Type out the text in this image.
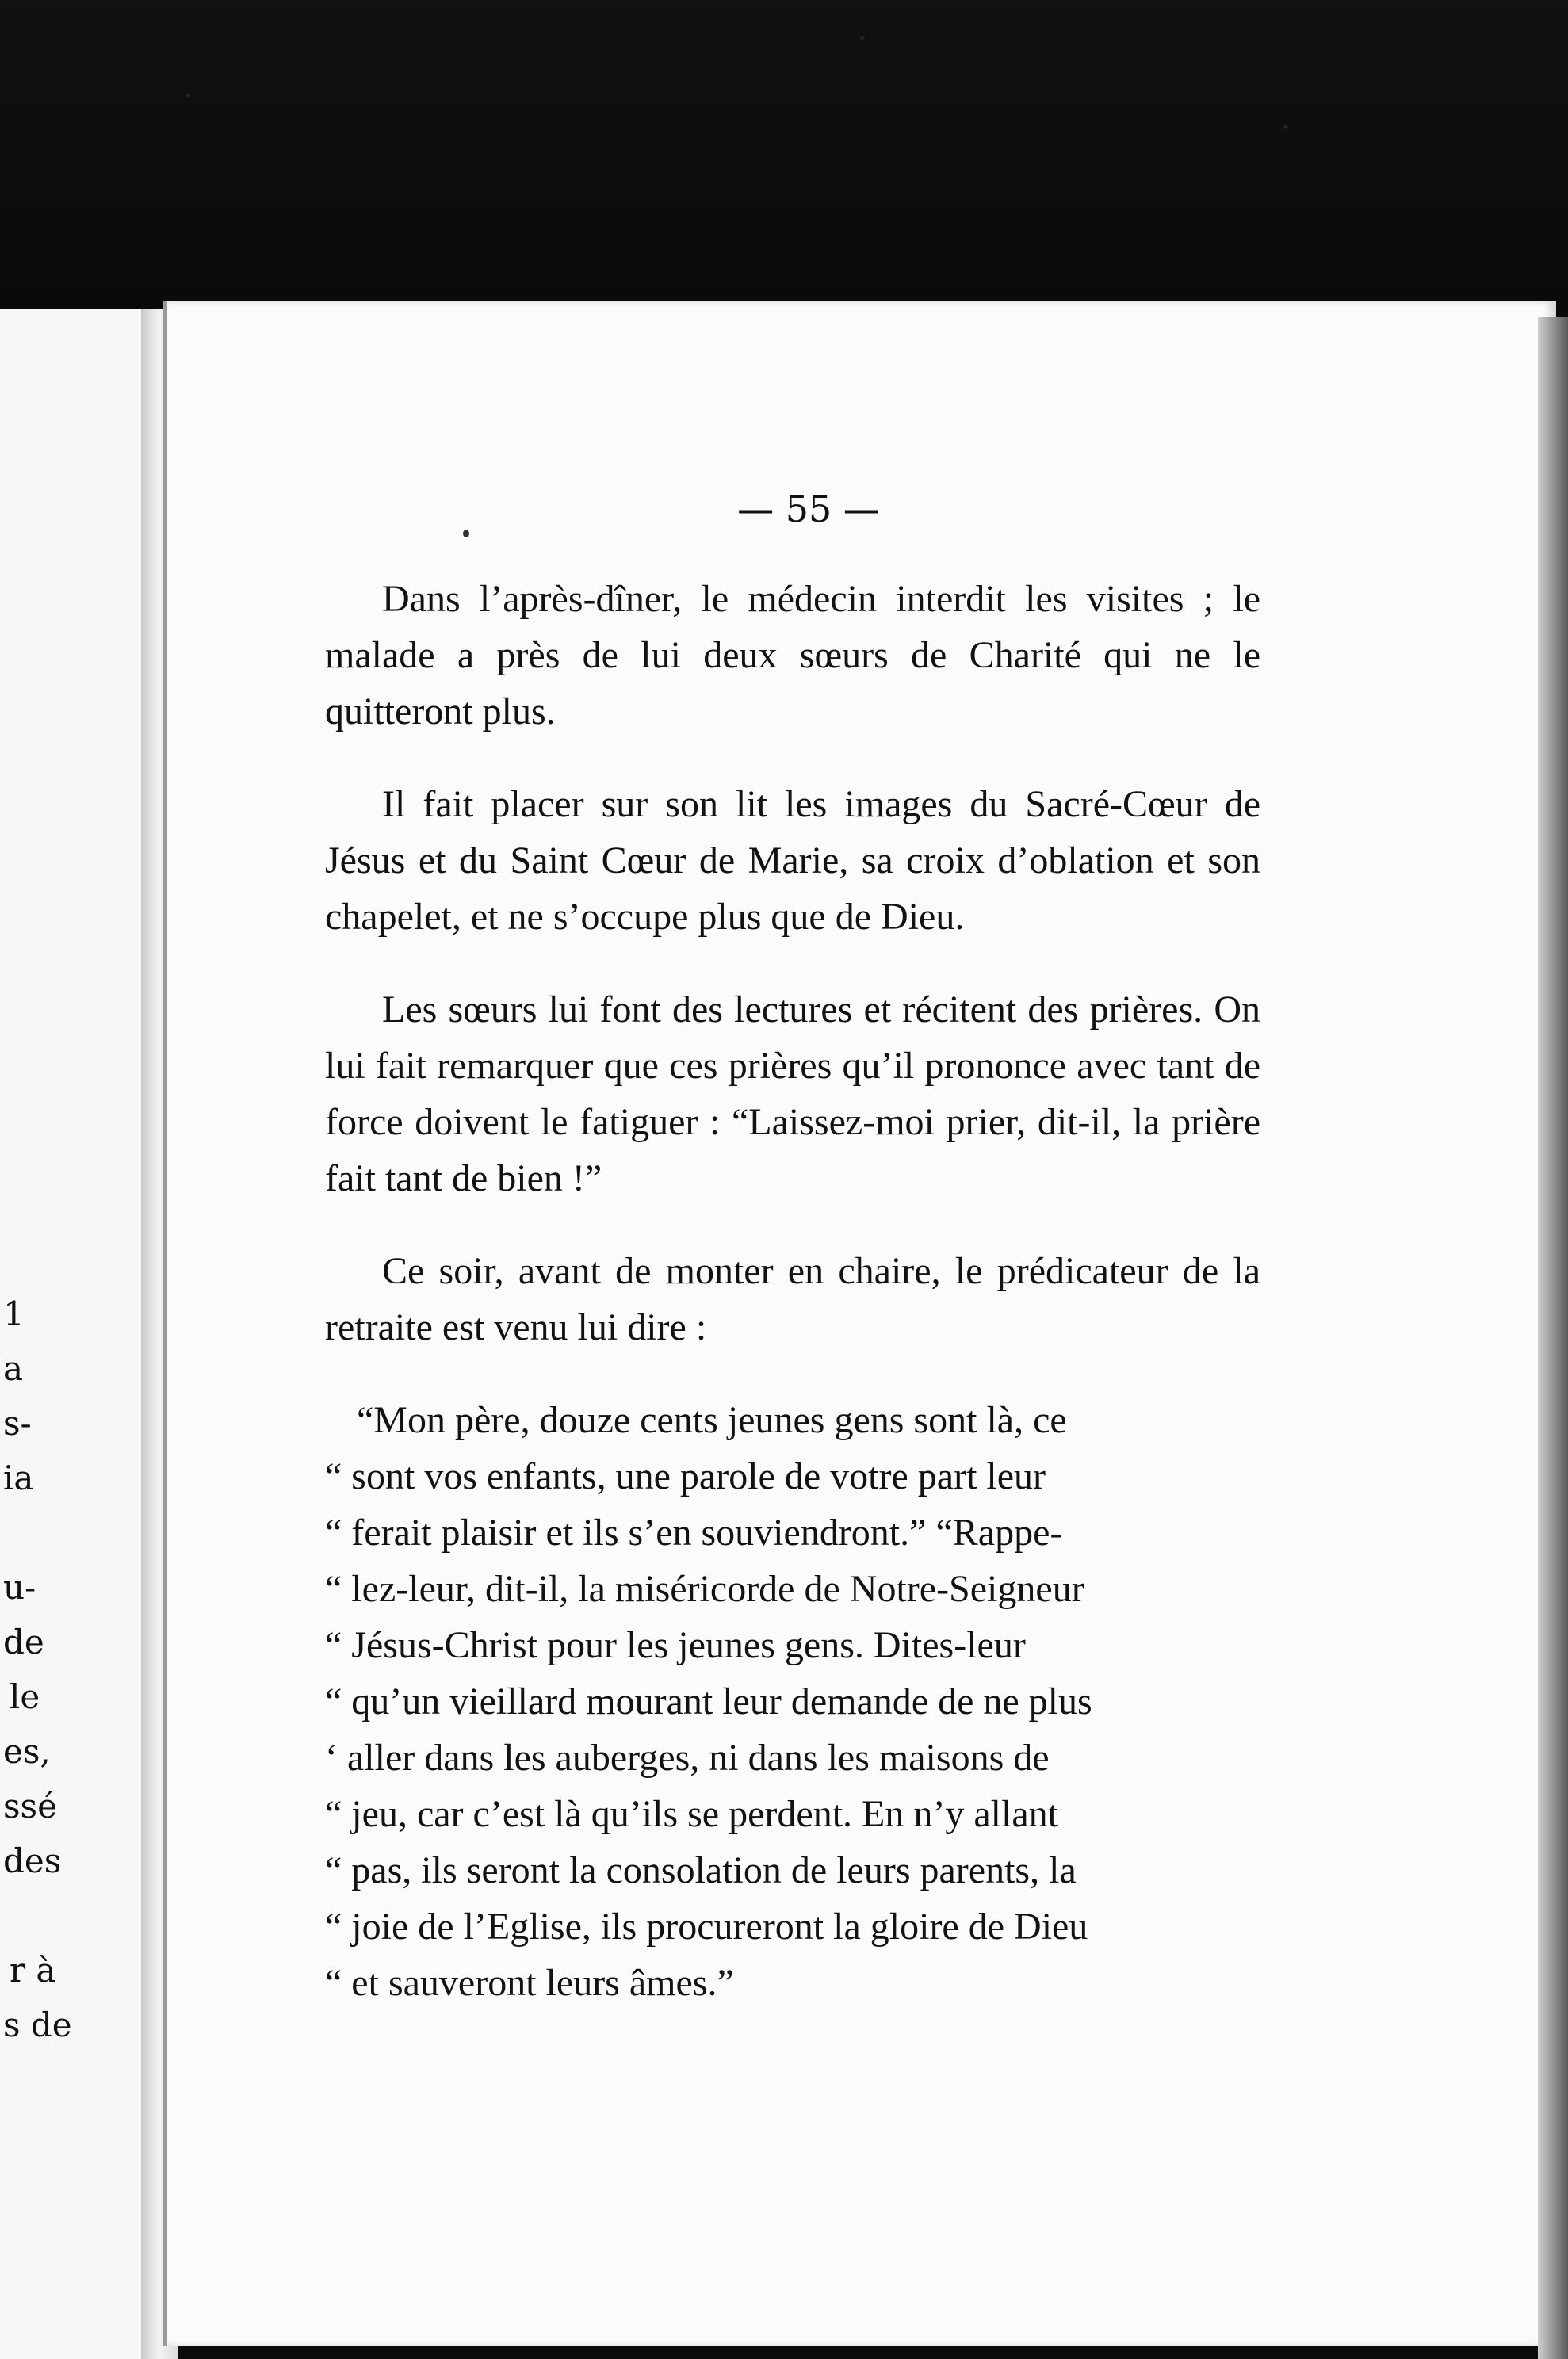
1
a
s-
ia
u-
de
le
es,
ssé
des
r à
s de
— 55 —

Dans l’après-dîner, le médecin interdit les visites ; le malade a près de lui deux sœurs de Charité qui ne le quitteront plus.

Il fait placer sur son lit les images du Sacré-Cœur de Jésus et du Saint Cœur de Marie, sa croix d’oblation et son chapelet, et ne s’occupe plus que de Dieu.

Les sœurs lui font des lectures et récitent des prières. On lui fait remarquer que ces prières qu’il prononce avec tant de force doivent le fatiguer : “Laissez-moi prier, dit-il, la prière fait tant de bien !”

Ce soir, avant de monter en chaire, le prédicateur de la retraite est venu lui dire :

“Mon père, douze cents jeunes gens sont là, ce
“ sont vos enfants, une parole de votre part leur
“ ferait plaisir et ils s’en souviendront.” “Rappe-
“ lez-leur, dit-il, la miséricorde de Notre-Seigneur
“ Jésus-Christ pour les jeunes gens. Dites-leur
“ qu’un vieillard mourant leur demande de ne plus
‘ aller dans les auberges, ni dans les maisons de
“ jeu, car c’est là qu’ils se perdent. En n’y allant
“ pas, ils seront la consolation de leurs parents, la
“ joie de l’Eglise, ils procureront la gloire de Dieu
“ et sauveront leurs âmes.”
